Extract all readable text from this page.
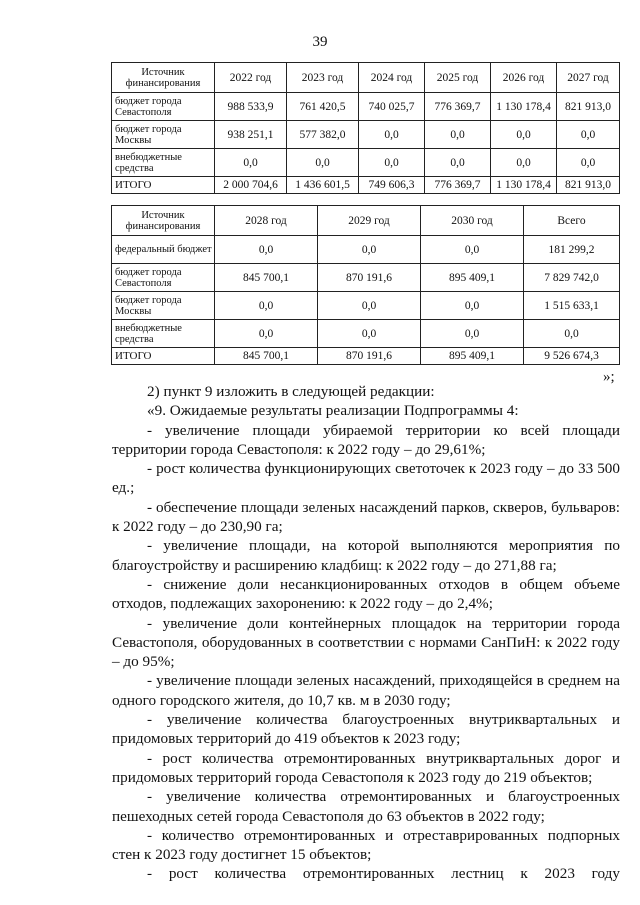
39
Источник финансирования	2022 год	2023 год	2024 год	2025 год	2026 год	2027 год
бюджет города Севастополя	988 533,9	761 420,5	740 025,7	776 369,7	1 130 178,4	821 913,0
бюджет города Москвы	938 251,1	577 382,0	0,0	0,0	0,0	0,0
внебюджетные средства	0,0	0,0	0,0	0,0	0,0	0,0
ИТОГО	2 000 704,6	1 436 601,5	749 606,3	776 369,7	1 130 178,4	821 913,0
Источник финансирования	2028 год	2029 год	2030 год	Всего
федеральный бюджет	0,0	0,0	0,0	181 299,2
бюджет города Севастополя	845 700,1	870 191,6	895 409,1	7 829 742,0
бюджет города Москвы	0,0	0,0	0,0	1 515 633,1
внебюджетные средства	0,0	0,0	0,0	0,0
ИТОГО	845 700,1	870 191,6	895 409,1	9 526 674,3
»;

2) пункт 9 изложить в следующей редакции:

«9. Ожидаемые результаты реализации Подпрограммы 4:

- увеличение площади убираемой территории ко всей площади территории города Севастополя: к 2022 году – до 29,61%;

- рост количества функционирующих светоточек к 2023 году – до 33 500 ед.;

- обеспечение площади зеленых насаждений парков, скверов, бульваров: к 2022 году – до 230,90 га;

- увеличение площади, на которой выполняются мероприятия по благоустройству и расширению кладбищ: к 2022 году – до 271,88 га;

- снижение доли несанкционированных отходов в общем объеме отходов, подлежащих захоронению: к 2022 году – до 2,4%;

- увеличение доли контейнерных площадок на территории города Севастополя, оборудованных в соответствии с нормами СанПиН: к 2022 году – до 95%;

- увеличение площади зеленых насаждений, приходящейся в среднем на одного городского жителя, до 10,7 кв. м в 2030 году;

- увеличение количества благоустроенных внутриквартальных и придомовых территорий до 419 объектов к 2023 году;

- рост количества отремонтированных внутриквартальных дорог и придомовых территорий города Севастополя к 2023 году до 219 объектов;

- увеличение количества отремонтированных и благоустроенных пешеходных сетей города Севастополя до 63 объектов в 2022 году;

- количество отремонтированных и отреставрированных подпорных стен к 2023 году достигнет 15 объектов;

- рост количества отремонтированных лестниц к 2023 году
